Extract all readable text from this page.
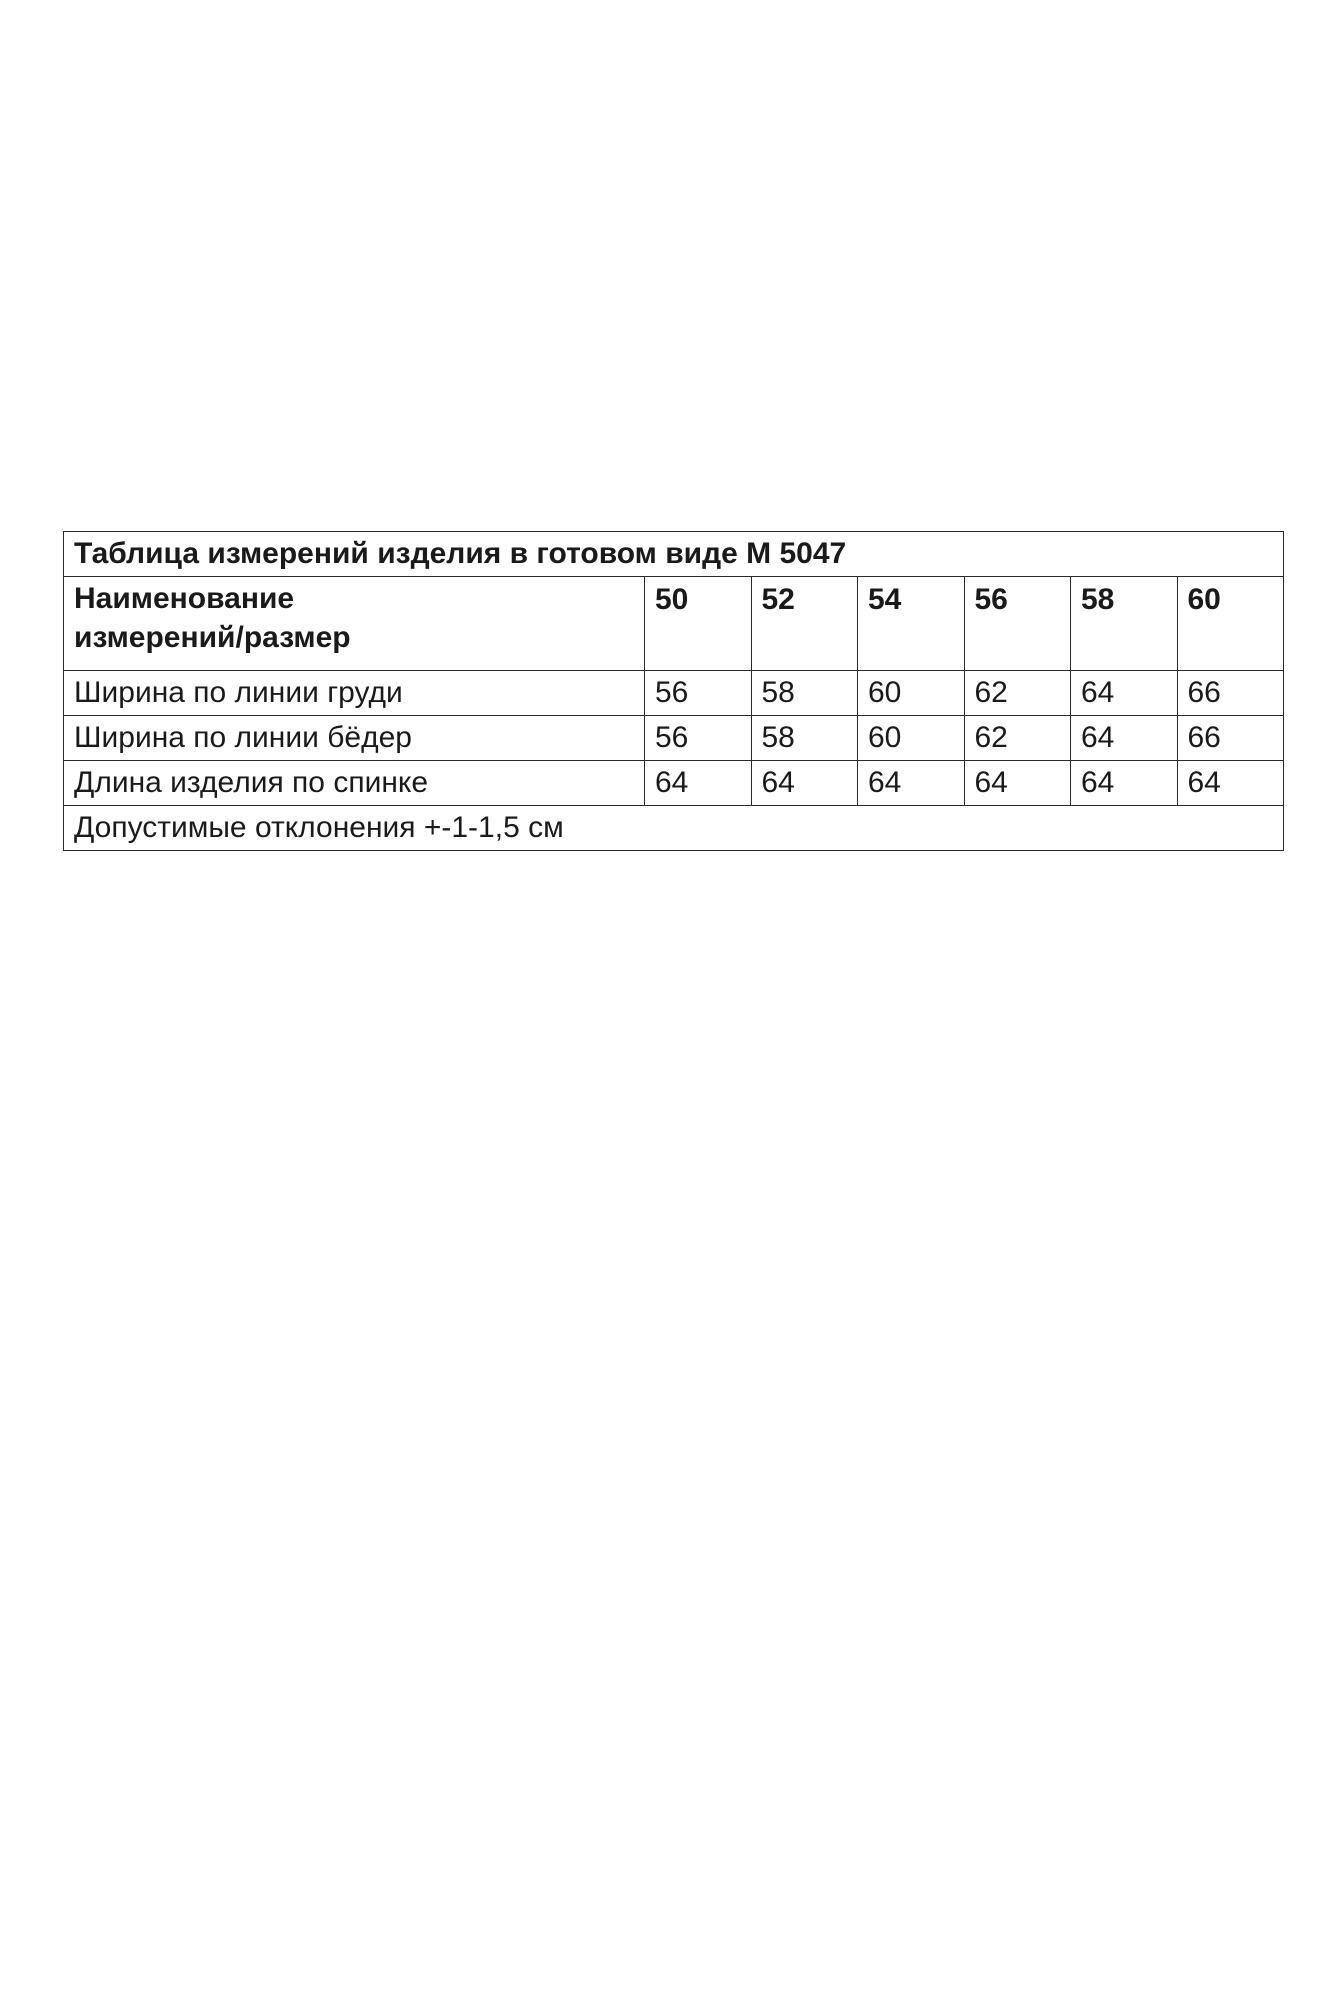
Таблица измерений изделия в готовом виде М 5047						

Наименование
измерений/размер	50	52	54	56	58	60
Ширина по линии груди	56	58	60	62	64	66
Ширина по линии бёдер	56	58	60	62	64	66
Длина изделия по спинке	64	64	64	64	64	64
Допустимые отклонения +-1-1,5 см						
